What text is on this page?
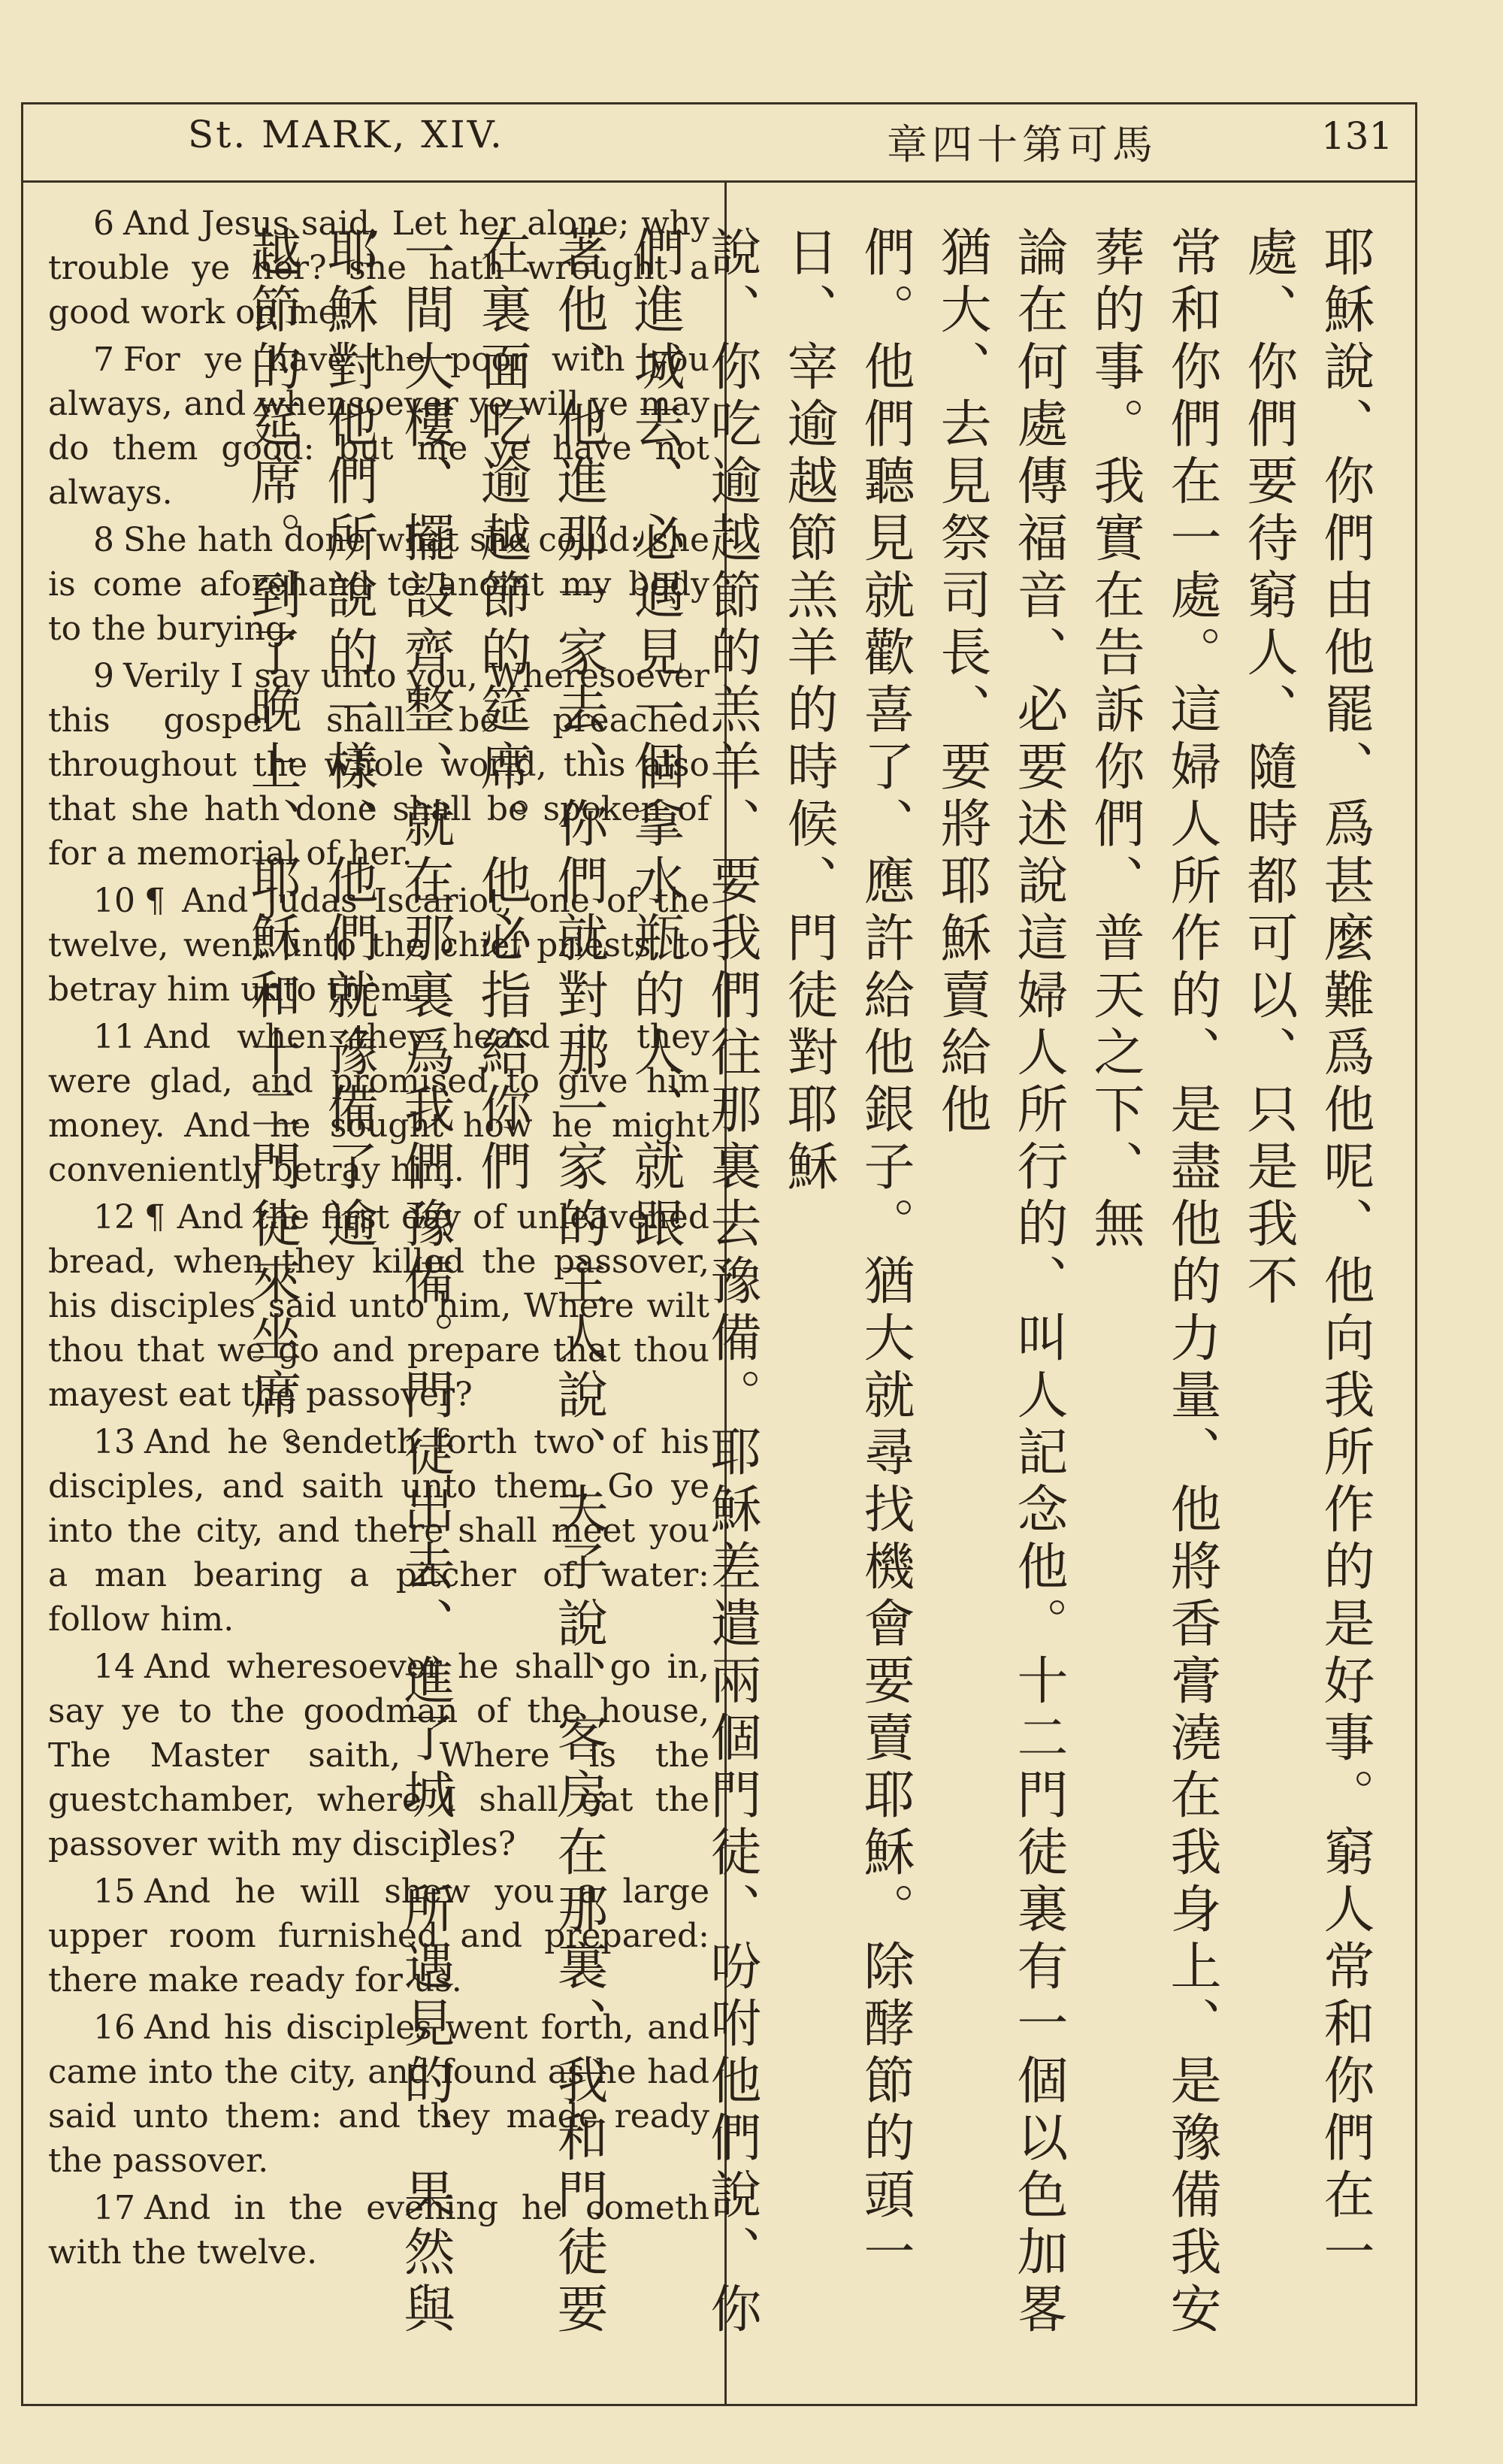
St. MARK, XIV.	章四十第可馬	131

6 And Jesus said, Let her alone; why trouble ye her? she hath wrought a good work on me.

7 For ye have the poor with you always, and whensoever ye will ye may do them good: but me ye have not always.

8 She hath done what she could: she is come aforehand to anoint my body to the burying.

9 Verily I say unto you, Wheresoever this gospel shall be preached throughout the whole world, this also that she hath done shall be spoken of for a memorial of her.

10 ¶ And Judas Iscariot, one of the twelve, went unto the chief priests, to betray him unto them.

11 And when they heard it, they were glad, and promised to give him money. And he sought how he might conveniently betray him.

12 ¶ And the first day of unleavened bread, when they killed the passover, his disciples said unto him, Where wilt thou that we go and prepare that thou mayest eat the passover?

13 And he sendeth forth two of his disciples, and saith unto them, Go ye into the city, and there shall meet you a man bearing a pitcher of water: follow him.

14 And wheresoever he shall go in, say ye to the goodman of the house, The Master saith, Where is the guestchamber, where I shall eat the passover with my disciples?

15 And he will shew you a large upper room furnished and prepared: there make ready for us.

16 And his disciples went forth, and came into the city, and found as he had said unto them: and they made ready the passover.

17 And in the evening he cometh with the twelve.	耶穌說、你們由他罷、爲甚麼難爲他呢、他向我所作的是好事。窮人常和你們在一處、你們要待窮人、隨時都可以、只是我不

常和你們在一處。這婦人所作的、是盡他的力量、他將香膏澆在我身上、是豫備我安葬的事。我實在告訴你們、普天之下、無

論在何處傳福音、必要述說這婦人所行的、叫人記念他。十二門徒裏有一個以色加畧猶大、去見祭司長、要將耶穌賣給他

們。他們聽見就歡喜了、應許給他銀子。猶大就尋找機會要賣耶穌。除酵節的頭一日、宰逾越節羔羊的時候、門徒對耶穌

說、你吃逾越節的羔羊、要我們往那裏去豫備。耶穌差遣兩個門徒、吩咐他們說、你們進城去、必遇見一個拿水瓶的人、就跟

著他、他進那一家去、你們就對那一家的主人說、夫子說、客房在那裏、我和門徒要在裏面吃逾越節的筵席。他必指給你們

一間大樓、擺設齊整、就在那裏爲我們豫備。門徒出去、進了城、所遇見的、果然與耶穌對他們所說的一樣、他們就豫備了逾

越節的筵席。到了晚上、耶穌和十二門徒來坐席。
